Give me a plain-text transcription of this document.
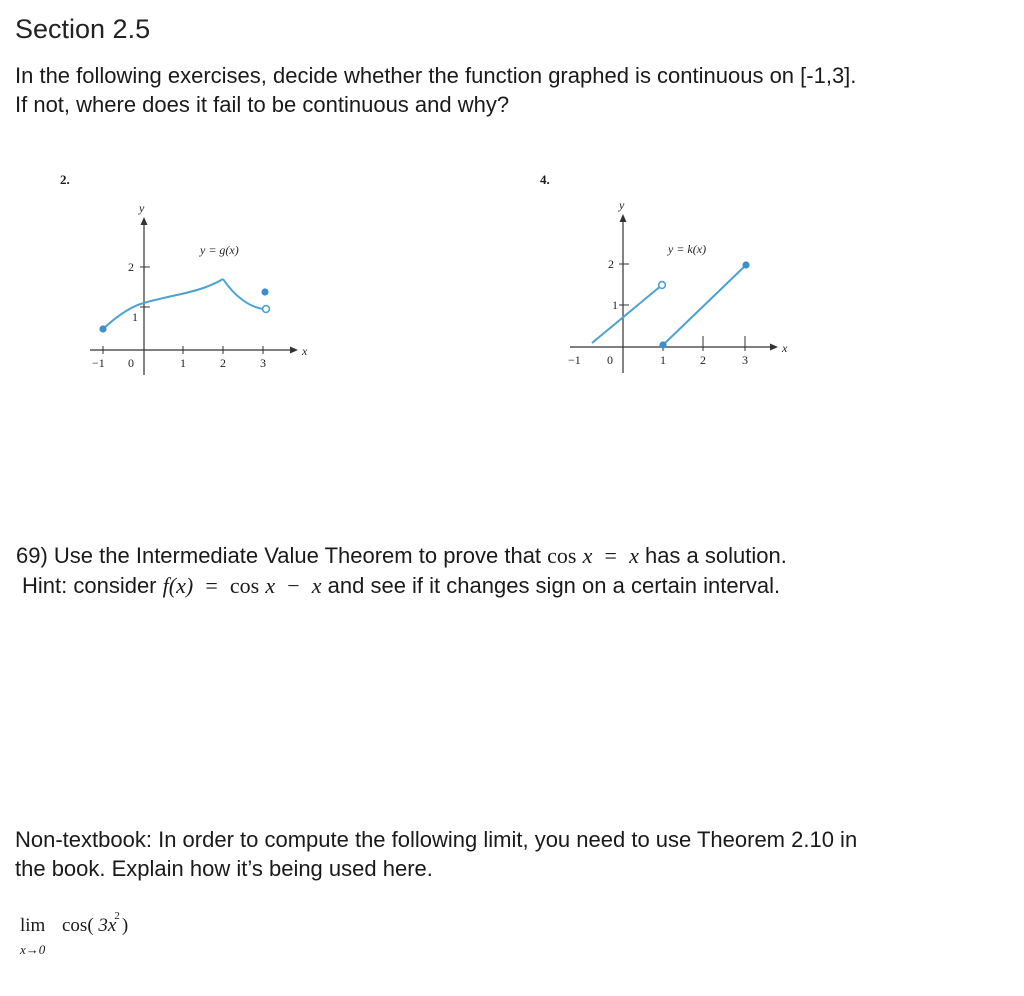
Section 2.5
In the following exercises, decide whether the function graphed is continuous on [-1,3].
If not, where does it fail to be continuous and why?
2.
−1 0	1	2	3
1
2
x
y
y = g(x)
4.
−1 0	1	2	3
1
2
x
y
y = k(x)
69) Use the Intermediate Value Theorem to prove that cos x = x has a solution.
Hint: consider f(x) = cos x − x and see if it changes sign on a certain interval.
Non-textbook: In order to compute the following limit, you need to use Theorem 2.10 in
the book. Explain how it’s being used here.
lim
x→0
cos( $3x^2$ )
